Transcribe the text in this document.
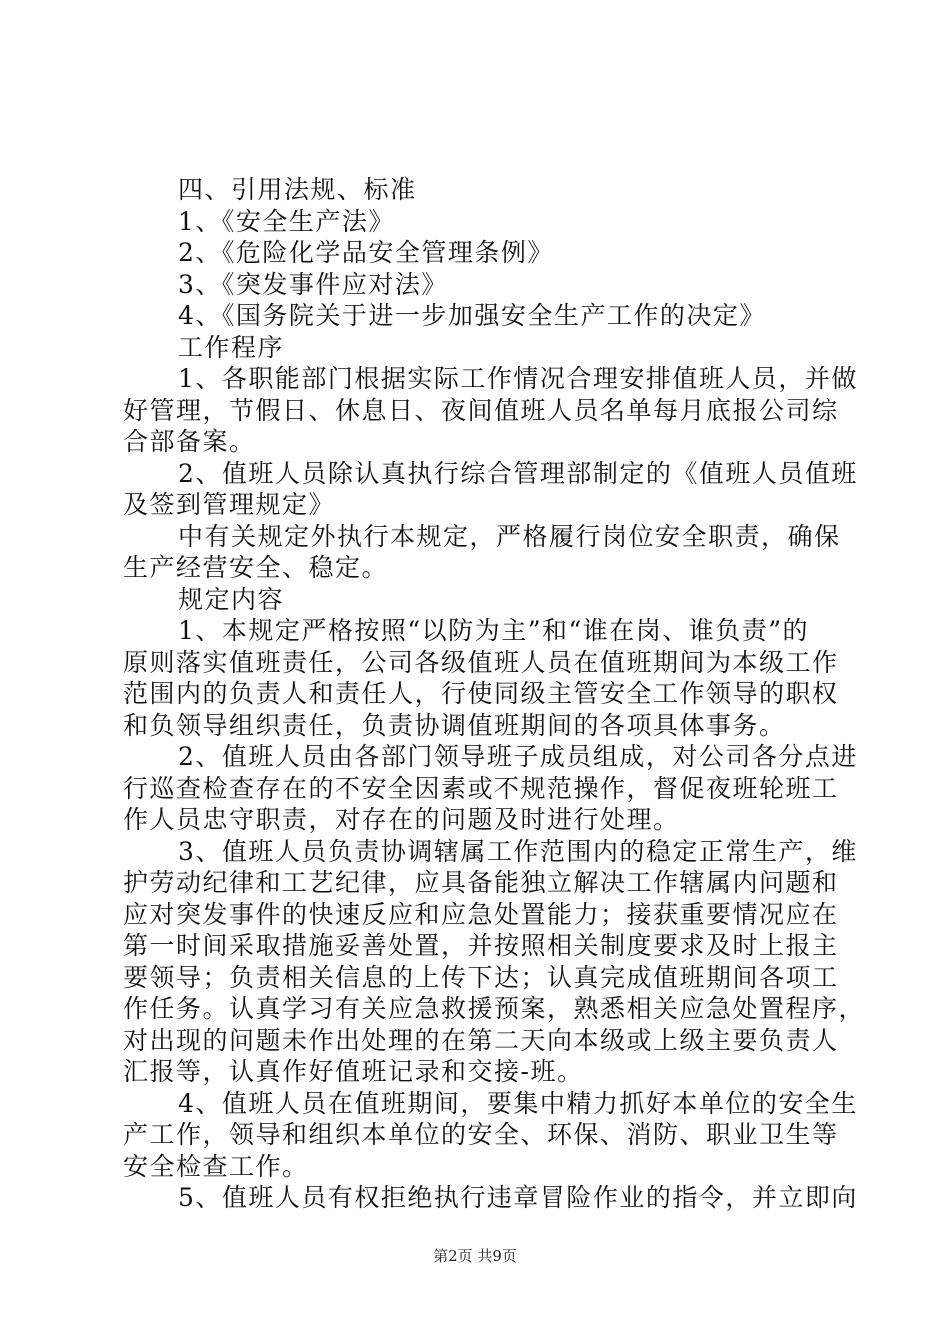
四、引用法规、标准
1、《安全生产法》
2、《危险化学品安全管理条例》
3、《突发事件应对法》
4、《国务院关于进一步加强安全生产工作的决定》
工作程序
1、各职能部门根据实际工作情况合理安排值班人员，并做
好管理，节假日、休息日、夜间值班人员名单每月底报公司综
合部备案。
2、值班人员除认真执行综合管理部制定的《值班人员值班
及签到管理规定》
中有关规定外执行本规定，严格履行岗位安全职责，确保
生产经营安全、稳定。
规定内容
1、本规定严格按照“以防为主”和“谁在岗、谁负责”的
原则落实值班责任，公司各级值班人员在值班期间为本级工作
范围内的负责人和责任人，行使同级主管安全工作领导的职权
和负领导组织责任，负责协调值班期间的各项具体事务。
2、值班人员由各部门领导班子成员组成，对公司各分点进
行巡查检查存在的不安全因素或不规范操作，督促夜班轮班工
作人员忠守职责，对存在的问题及时进行处理。
3、值班人员负责协调辖属工作范围内的稳定正常生产，维
护劳动纪律和工艺纪律，应具备能独立解决工作辖属内问题和
应对突发事件的快速反应和应急处置能力；接获重要情况应在
第一时间采取措施妥善处置，并按照相关制度要求及时上报主
要领导；负责相关信息的上传下达；认真完成值班期间各项工
作任务。认真学习有关应急救援预案，熟悉相关应急处置程序，
对出现的问题未作出处理的在第二天向本级或上级主要负责人
汇报等，认真作好值班记录和交接-班。
4、值班人员在值班期间，要集中精力抓好本单位的安全生
产工作，领导和组织本单位的安全、环保、消防、职业卫生等
安全检查工作。
5、值班人员有权拒绝执行违章冒险作业的指令，并立即向
第2页 共9页
